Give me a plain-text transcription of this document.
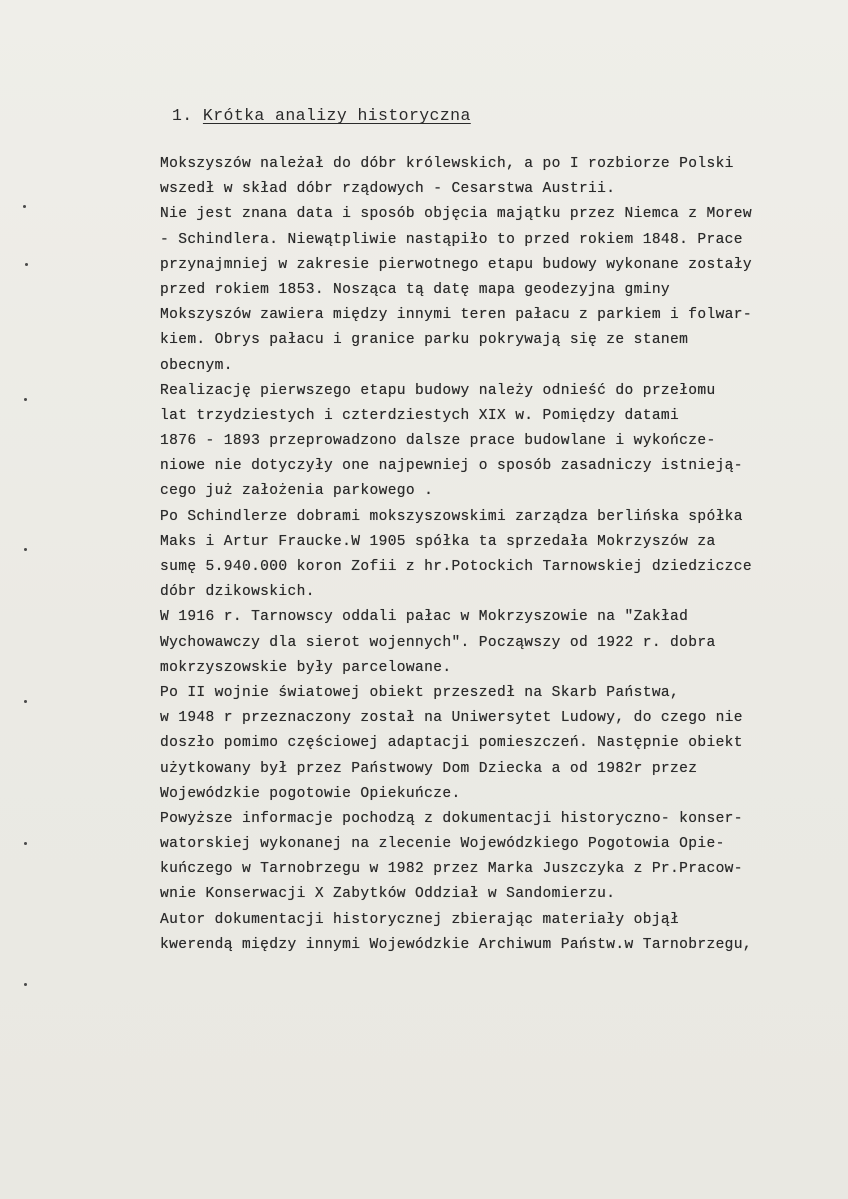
1. Krótka analizy historyczna
Mokszyszów należał do dóbr królewskich, a po I rozbiorze Polski
wszedł w skład dóbr rządowych - Cesarstwa Austrii.
Nie jest znana data i sposób objęcia majątku przez Niemca z Morew
- Schindlera. Niewątpliwie nastąpiło to przed rokiem 1848. Prace
przynajmniej w zakresie pierwotnego etapu budowy wykonane zostały
przed rokiem 1853. Nosząca tą datę mapa geodezyjna gminy
Mokszyszów zawiera między innymi teren pałacu z parkiem i folwar-
kiem. Obrys pałacu i granice parku pokrywają się ze stanem
obecnym.
Realizację pierwszego etapu budowy należy odnieść do przełomu
lat trzydziestych i czterdziestych XIX w. Pomiędzy datami
1876 - 1893 przeprowadzono dalsze prace budowlane i wykończe-
niowe nie dotyczyły one najpewniej o sposób zasadniczy istnieją-
cego już założenia parkowego .
Po Schindlerze dobrami mokszyszowskimi zarządza berlińska spółka
Maks i Artur Fraucke.W 1905 spółka ta sprzedała Mokrzyszów za
sumę 5.940.000 koron Zofii z hr.Potockich Tarnowskiej dziedziczce
dóbr dzikowskich.
W 1916 r. Tarnowscy oddali pałac w Mokrzyszowie na "Zakład
Wychowawczy dla sierot wojennych". Począwszy od 1922 r. dobra
mokrzyszowskie były parcelowane.
Po II wojnie światowej obiekt przeszedł na Skarb Państwa,
w 1948 r przeznaczony został na Uniwersytet Ludowy, do czego nie
doszło pomimo częściowej adaptacji pomieszczeń. Następnie obiekt
użytkowany był przez Państwowy Dom Dziecka a od 1982r przez
Wojewódzkie pogotowie Opiekuńcze.
Powyższe informacje pochodzą z dokumentacji historyczno- konser-
watorskiej wykonanej na zlecenie Wojewódzkiego Pogotowia Opie-
kuńczego w Tarnobrzegu w 1982 przez Marka Juszczyka z Pr.Pracow-
wnie Konserwacji X Zabytków Oddział w Sandomierzu.
Autor dokumentacji historycznej zbierając materiały objął
kwerendą między innymi Wojewódzkie Archiwum Państw.w Tarnobrzegu,
